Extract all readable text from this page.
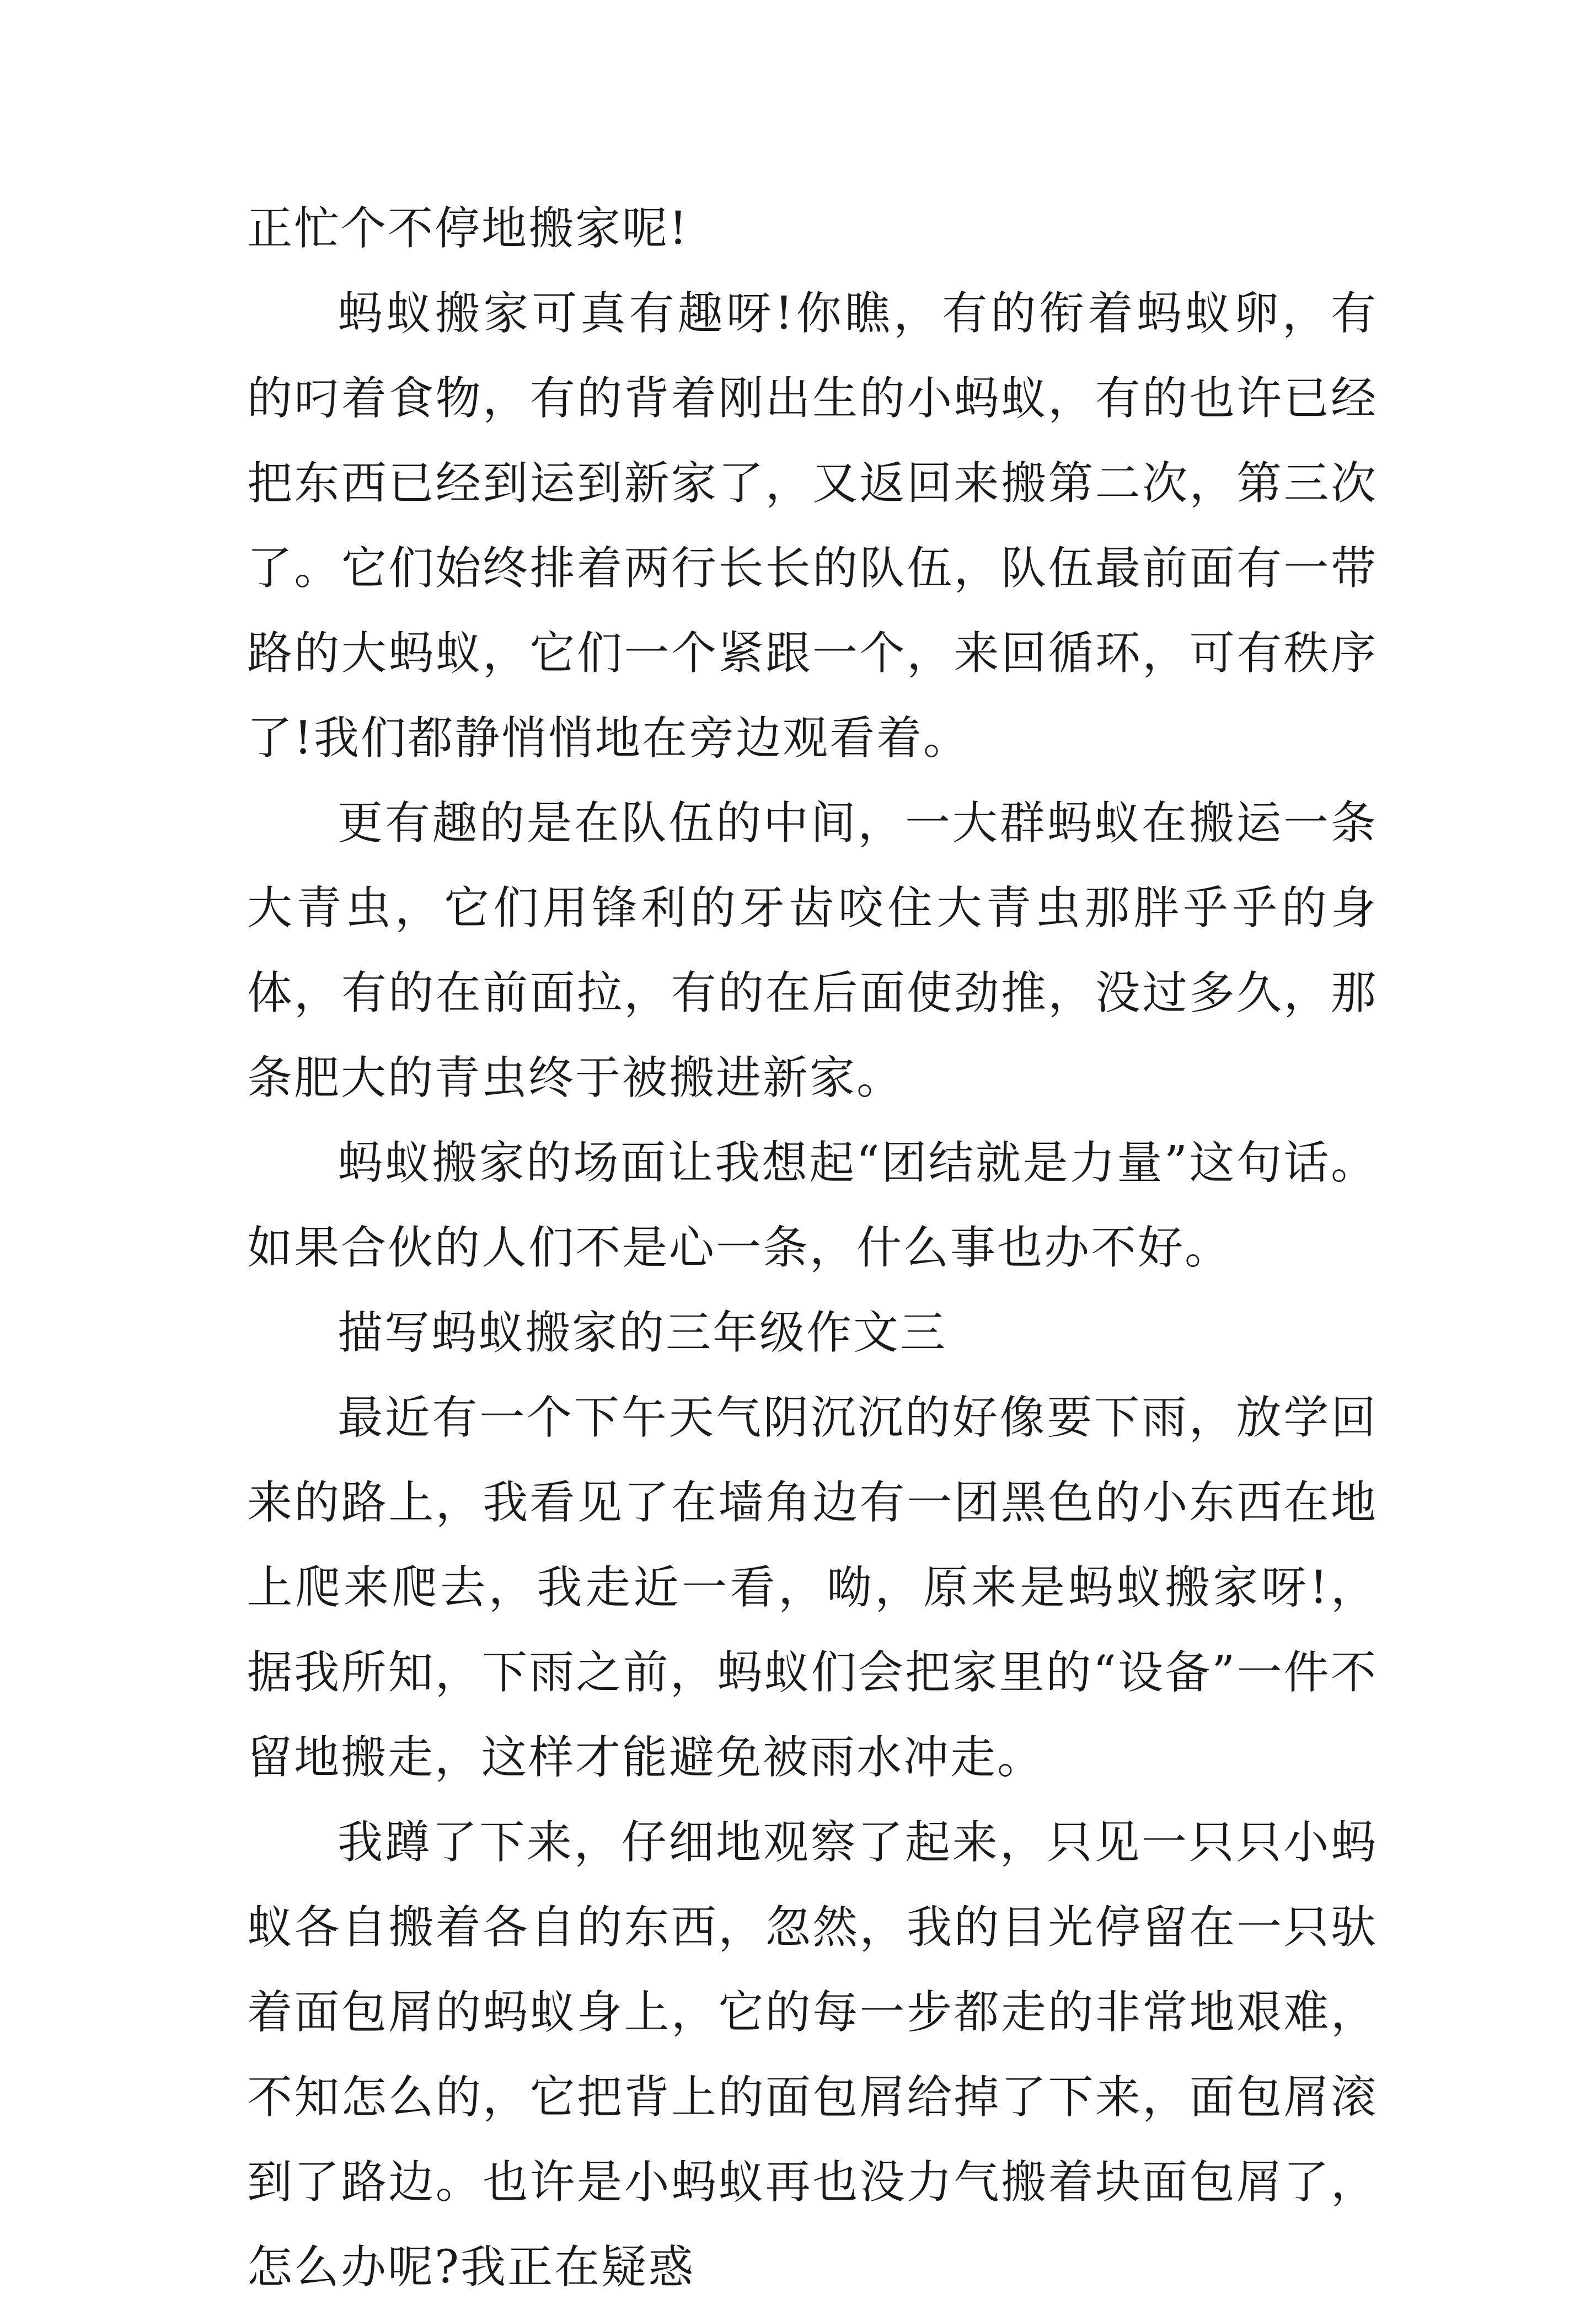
正忙个不停地搬家呢!

蚂蚁搬家可真有趣呀!你瞧，有的衔着蚂蚁卵，有的叼着食物，有的背着刚出生的小蚂蚁，有的也许已经把东西已经到运到新家了，又返回来搬第二次，第三次了。它们始终排着两行长长的队伍，队伍最前面有一带路的大蚂蚁，它们一个紧跟一个，来回循环，可有秩序了!我们都静悄悄地在旁边观看着。

更有趣的是在队伍的中间，一大群蚂蚁在搬运一条大青虫，它们用锋利的牙齿咬住大青虫那胖乎乎的身体，有的在前面拉，有的在后面使劲推，没过多久，那条肥大的青虫终于被搬进新家。

蚂蚁搬家的场面让我想起“团结就是力量”这句话。如果合伙的人们不是心一条，什么事也办不好。

描写蚂蚁搬家的三年级作文三

最近有一个下午天气阴沉沉的好像要下雨，放学回来的路上，我看见了在墙角边有一团黑色的小东西在地上爬来爬去，我走近一看，呦，原来是蚂蚁搬家呀!，据我所知，下雨之前，蚂蚁们会把家里的“设备”一件不留地搬走，这样才能避免被雨水冲走。

我蹲了下来，仔细地观察了起来，只见一只只小蚂蚁各自搬着各自的东西，忽然，我的目光停留在一只驮着面包屑的蚂蚁身上，它的每一步都走的非常地艰难，不知怎么的，它把背上的面包屑给掉了下来，面包屑滚到了路边。也许是小蚂蚁再也没力气搬着块面包屑了，怎么办呢?我正在疑惑
